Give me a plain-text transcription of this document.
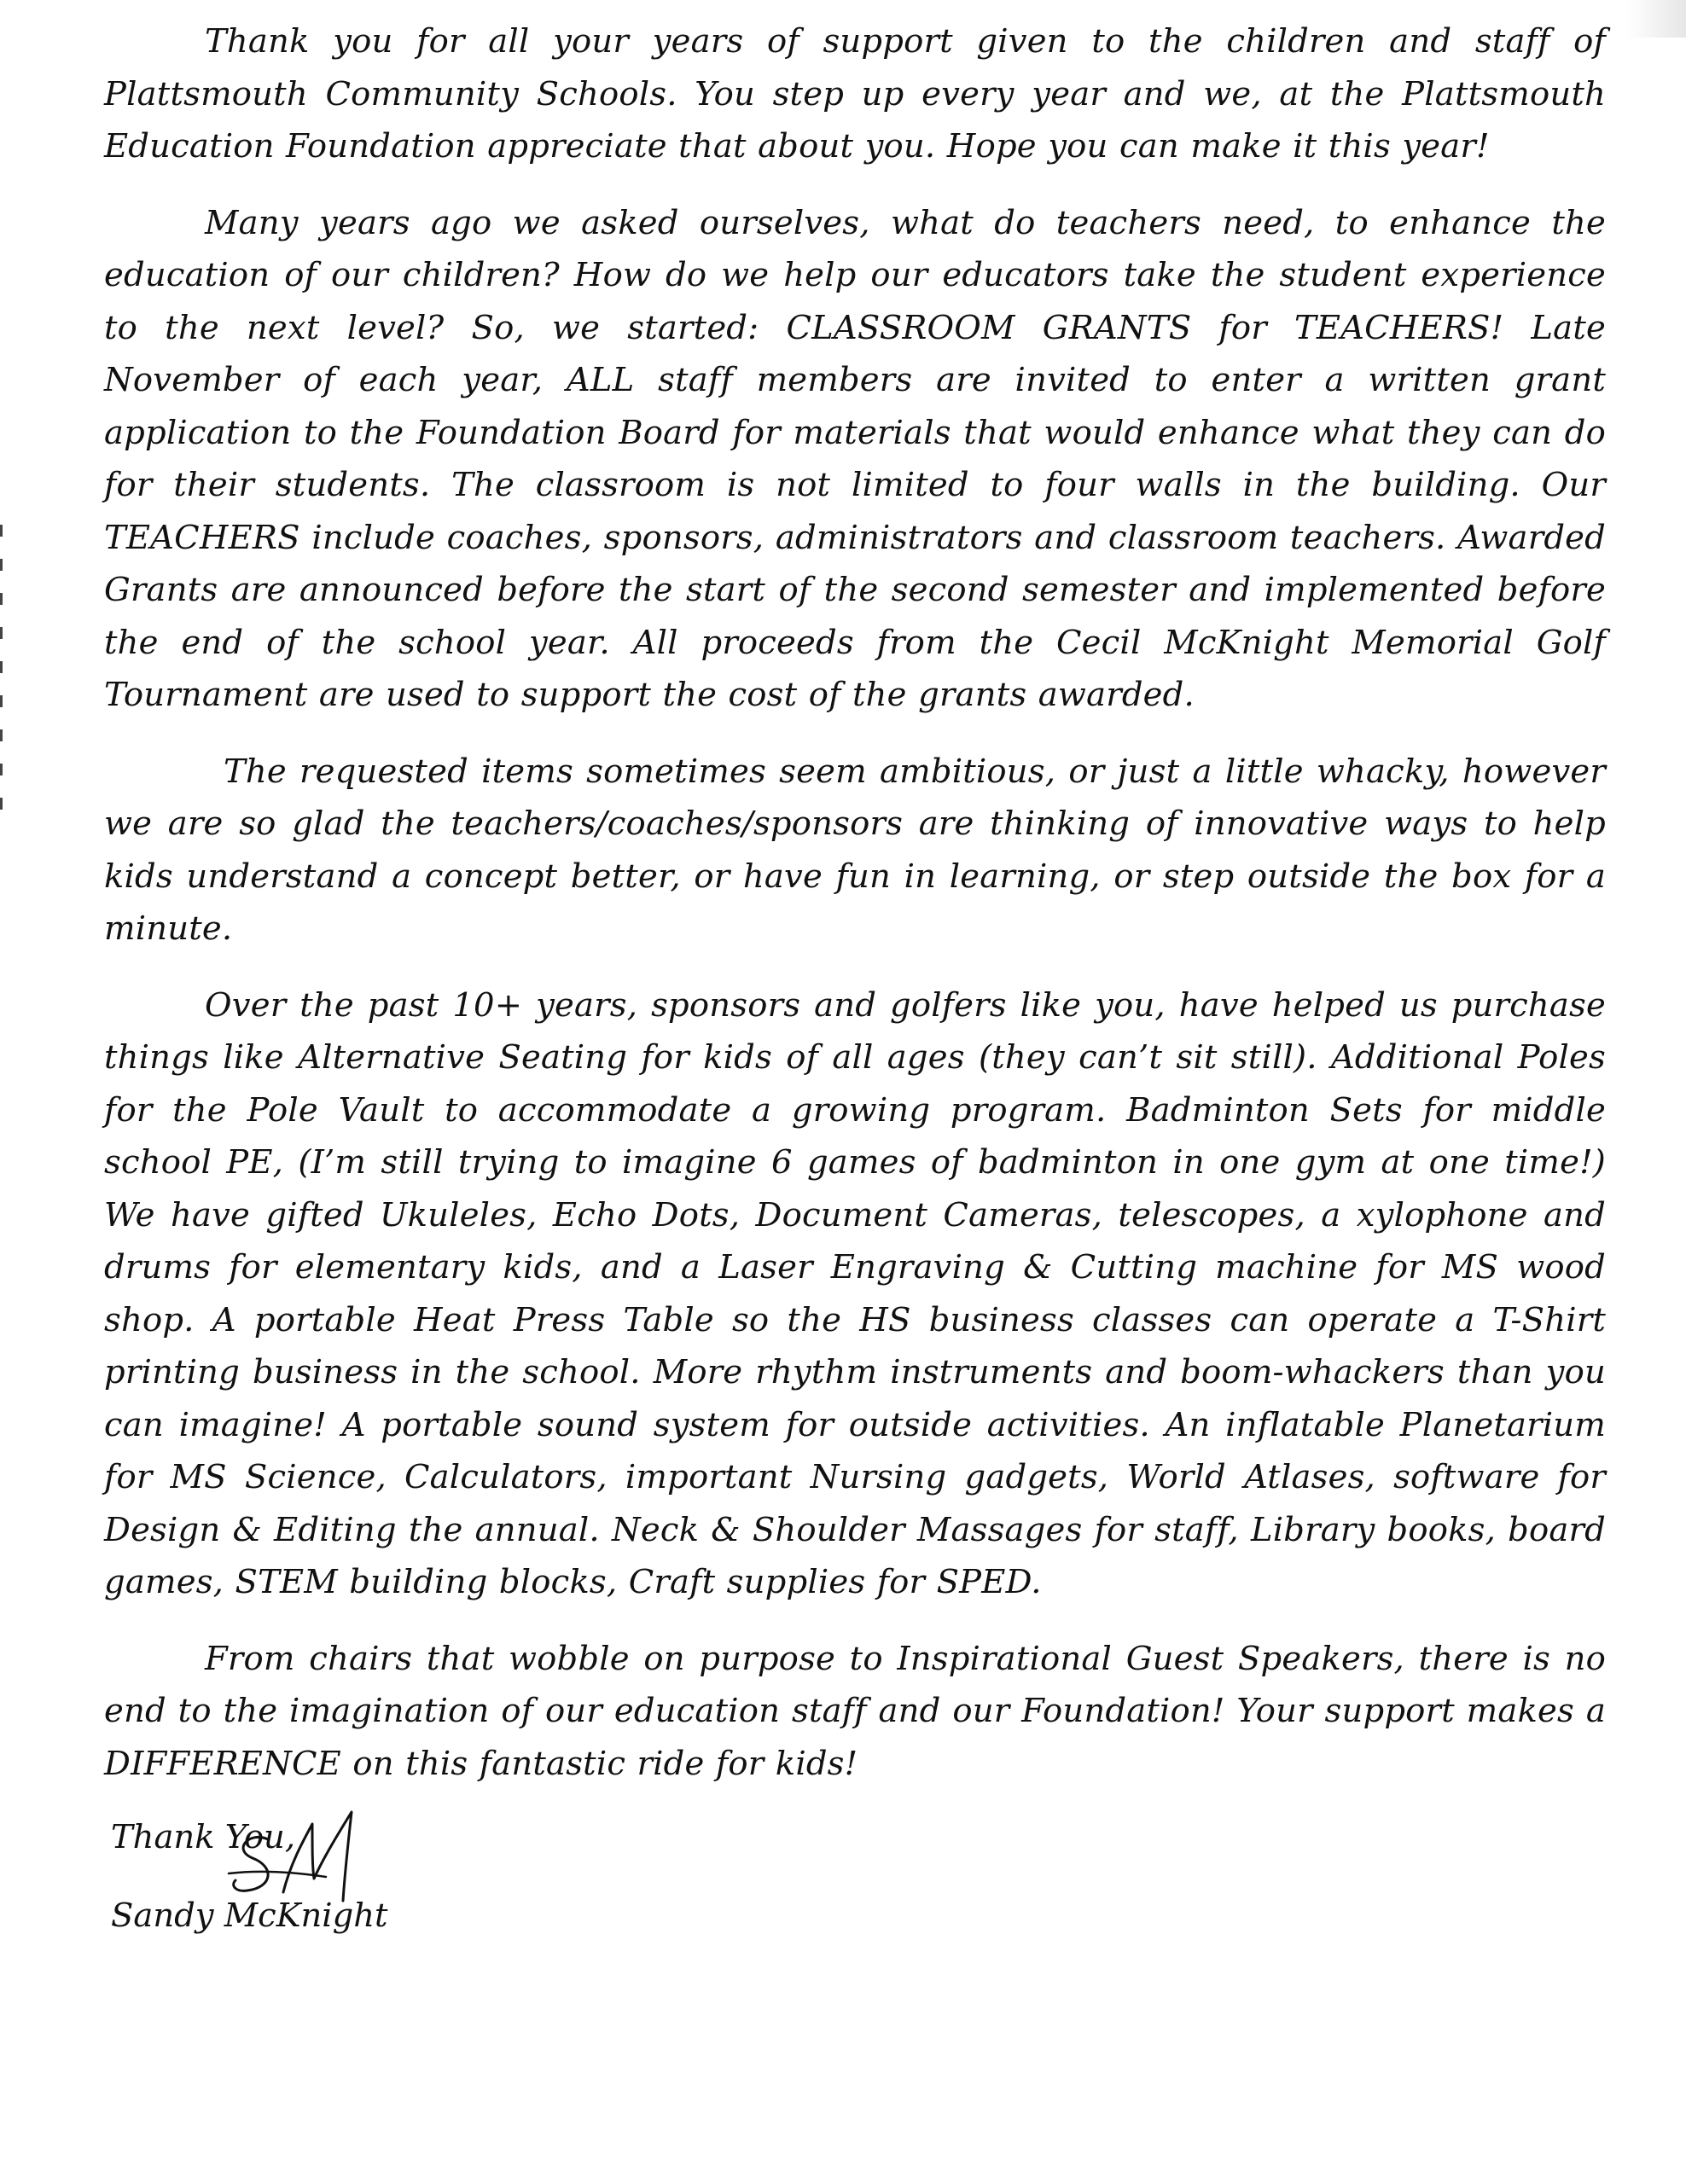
Thank you for all your years of support given to the children and staff of Plattsmouth Community Schools. You step up every year and we, at the Plattsmouth Education Foundation appreciate that about you. Hope you can make it this year!

Many years ago we asked ourselves, what do teachers need, to enhance the education of our children? How do we help our educators take the student experience to the next level? So, we started: CLASSROOM GRANTS for TEACHERS! Late November of each year, ALL staff members are invited to enter a written grant application to the Foundation Board for materials that would enhance what they can do for their students. The classroom is not limited to four walls in the building. Our TEACHERS include coaches, sponsors, administrators and classroom teachers. Awarded Grants are announced before the start of the second semester and implemented before the end of the school year. All proceeds from the Cecil McKnight Memorial Golf Tournament are used to support the cost of the grants awarded.

The requested items sometimes seem ambitious, or just a little whacky, however we are so glad the teachers/coaches/sponsors are thinking of innovative ways to help kids understand a concept better, or have fun in learning, or step outside the box for a minute.

Over the past 10+ years, sponsors and golfers like you, have helped us purchase things like Alternative Seating for kids of all ages (they can’t sit still). Additional Poles for the Pole Vault to accommodate a growing program. Badminton Sets for middle school PE, (I’m still trying to imagine 6 games of badminton in one gym at one time!) We have gifted Ukuleles, Echo Dots, Document Cameras, telescopes, a xylophone and drums for elementary kids, and a Laser Engraving & Cutting machine for MS wood shop. A portable Heat Press Table so the HS business classes can operate a T-Shirt printing business in the school. More rhythm instruments and boom-whackers than you can imagine! A portable sound system for outside activities. An inflatable Planetarium for MS Science, Calculators, important Nursing gadgets, World Atlases, software for Design & Editing the annual. Neck & Shoulder Massages for staff, Library books, board games, STEM building blocks, Craft supplies for SPED.

From chairs that wobble on purpose to Inspirational Guest Speakers, there is no end to the imagination of our education staff and our Foundation! Your support makes a DIFFERENCE on this fantastic ride for kids!

Thank You,
Sandy McKnight
